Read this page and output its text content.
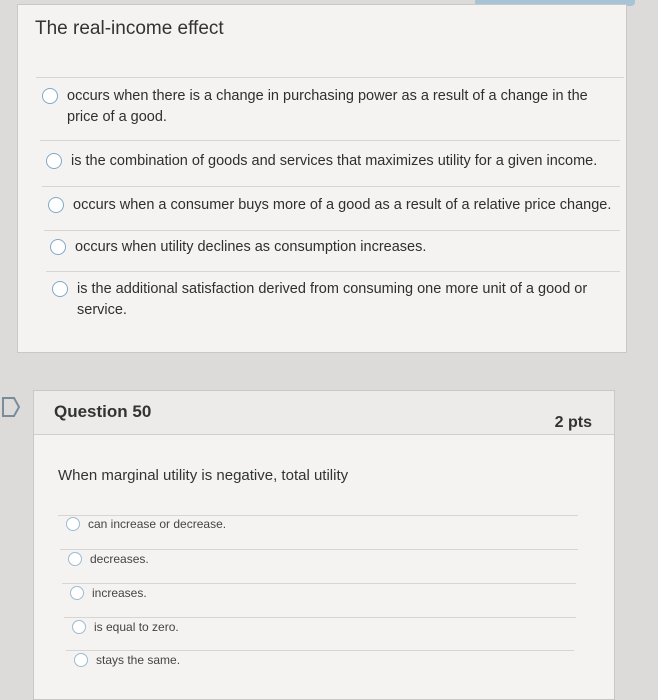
The real-income effect
occurs when there is a change in purchasing power as a result of a change in the price of a good.
is the combination of goods and services that maximizes utility for a given income.
occurs when a consumer buys more of a good as a result of a relative price change.
occurs when utility declines as consumption increases.
is the additional satisfaction derived from consuming one more unit of a good or service.
Question 50
2 pts
When marginal utility is negative, total utility
can increase or decrease.
decreases.
increases.
is equal to zero.
stays the same.
